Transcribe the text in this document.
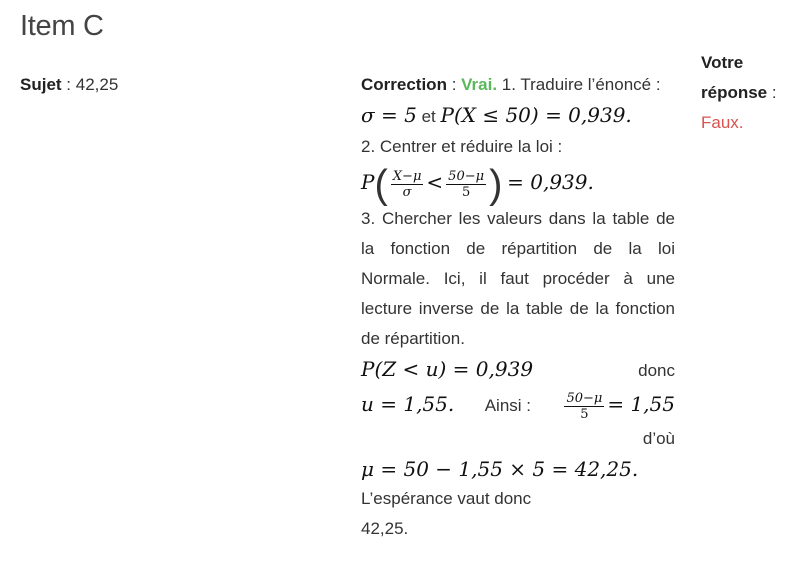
Item C
Sujet : 42,25	Correction : Vrai. 1. Traduire l’énoncé :
σ = 5 et P(X ≤ 50) = 0,939.
2. Centrer et réduire la loi :
$P( \frac{X-\mu}{\sigma} < \frac{50-\mu}{5}$ ) = 0,939.
3. Chercher les valeurs dans la table de la fonction de répartition de la loi Normale. Ici, il faut procéder à une lecture inverse de la table de la fonction de répartition.
P(Z < u) = 0,939	donc
u = 1,55. Ainsi :	$\frac{50-\mu}{5} = 1,55$
d’où
μ = 50 − 1,55 × 5 = 42,25.
L’espérance vaut donc
42,25.
Votre
réponse :
Faux.
